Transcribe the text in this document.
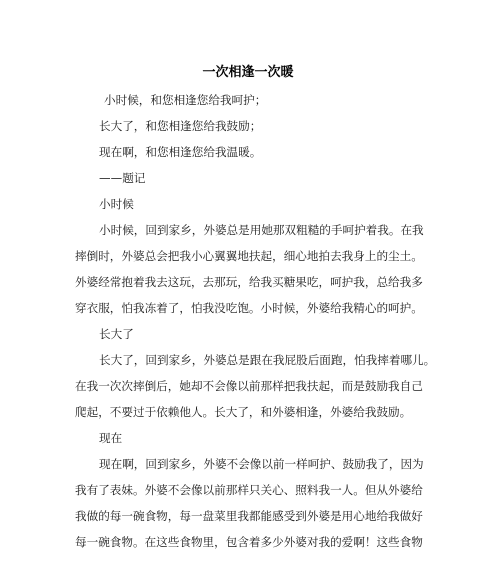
一次相逢一次暖
小时候，和您相逢您给我呵护；
长大了，和您相逢您给我鼓励；
现在啊，和您相逢您给我温暖。
——题记
小时候
小时候，回到家乡，外婆总是用她那双粗糙的手呵护着我。在我
摔倒时，外婆总会把我小心翼翼地扶起，细心地拍去我身上的尘土。
外婆经常抱着我去这玩，去那玩，给我买糖果吃，呵护我，总给我多
穿衣服，怕我冻着了，怕我没吃饱。小时候，外婆给我精心的呵护。
长大了
长大了，回到家乡，外婆总是跟在我屁股后面跑，怕我摔着哪儿。
在我一次次摔倒后，她却不会像以前那样把我扶起，而是鼓励我自己
爬起，不要过于依赖他人。长大了，和外婆相逢，外婆给我鼓励。
现在
现在啊，回到家乡，外婆不会像以前一样呵护、鼓励我了，因为
我有了表妹。外婆不会像以前那样只关心、照料我一人。但从外婆给
我做的每一碗食物，每一盘菜里我都能感受到外婆是用心地给我做好
每一碗食物。在这些食物里，包含着多少外婆对我的爱啊！这些食物
